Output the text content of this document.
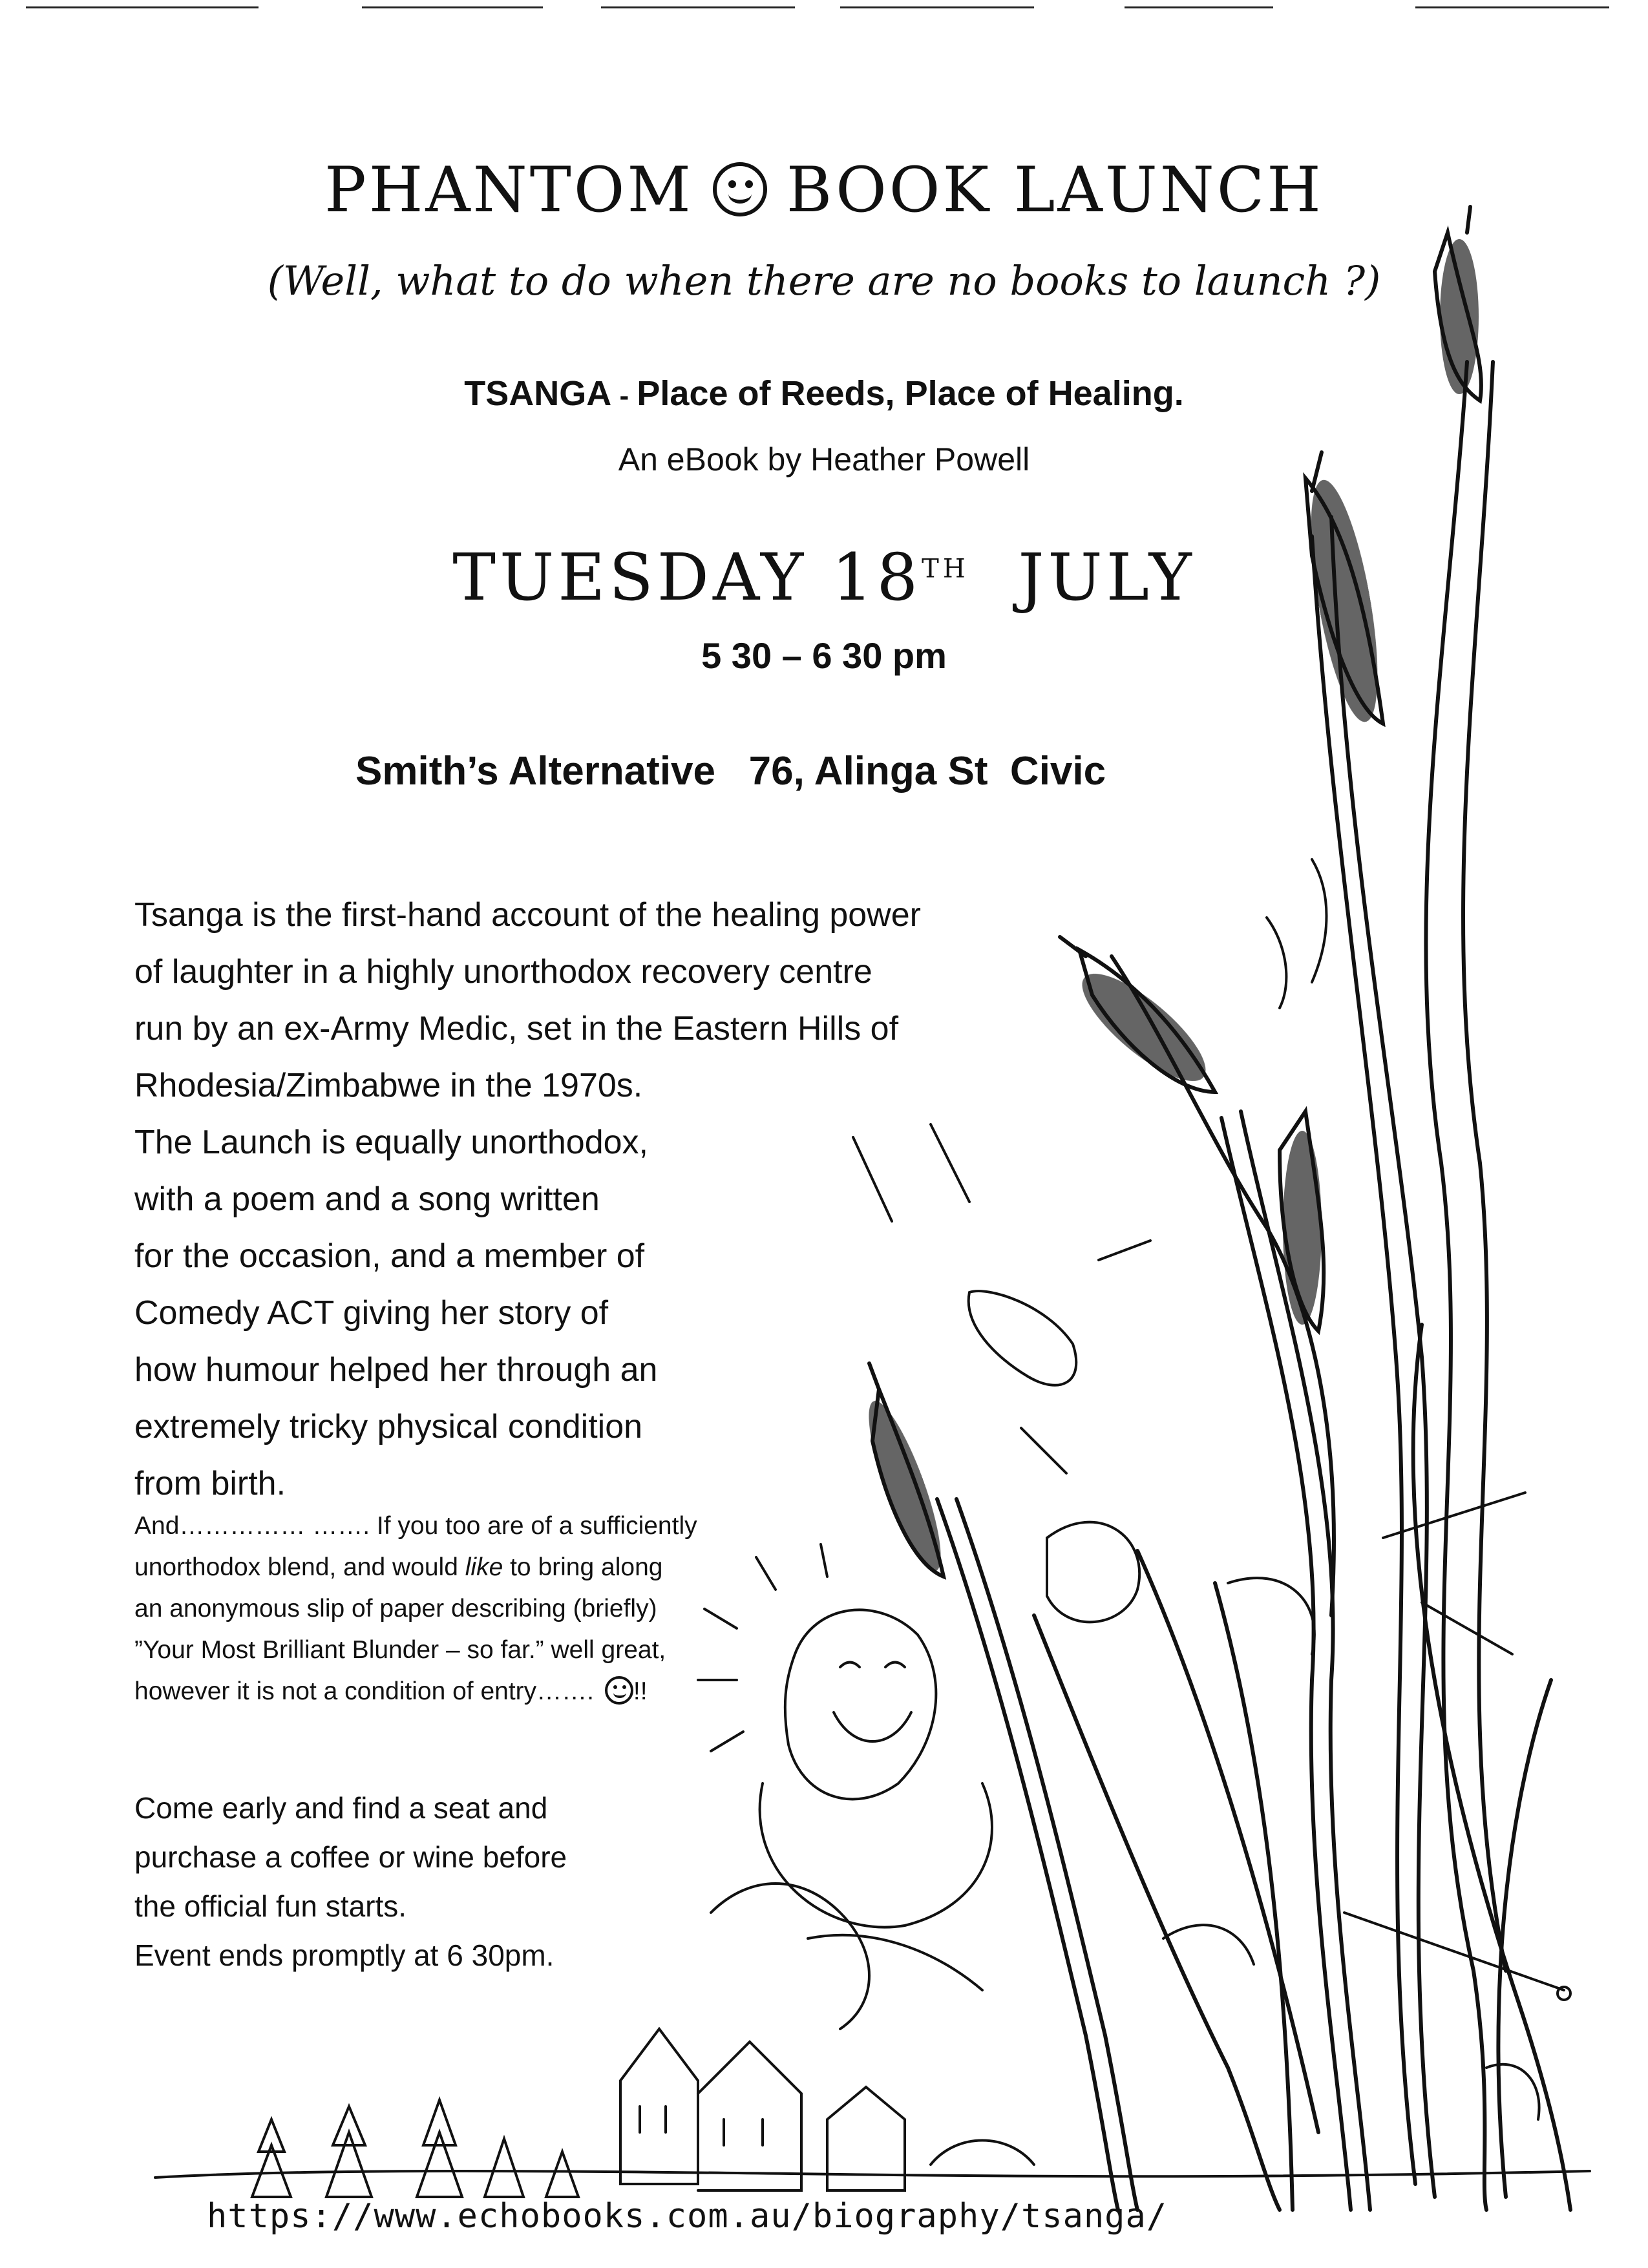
PHANTOM BOOK LAUNCH
(Well, what to do when there are no books to launch ?)
TSANGA - Place of Reeds, Place of Healing.
An eBook by Heather Powell
TUESDAY 18TH JULY
5 30 – 6 30 pm
Smith’s Alternative   76, Alinga St  Civic
Tsanga is the first-hand account of the healing power
of laughter in a highly unorthodox recovery centre
run by an ex-Army Medic, set in the Eastern Hills of
Rhodesia/Zimbabwe in the 1970s.
The Launch is equally unorthodox,
with a poem and a song written
for the occasion, and a member of
Comedy ACT giving her story of
how humour helped her through an
extremely tricky physical condition
from birth.
And…………… ……. If you too are of a sufficiently
unorthodox blend, and would like to bring along
an anonymous slip of paper describing (briefly)
”Your Most Brilliant Blunder – so far.” well great,
however it is not a condition of entry……. !!
Come early and find a seat and
purchase a coffee or wine before
the official fun starts.
Event ends promptly at 6 30pm.
https://www.echobooks.com.au/biography/tsanga/
